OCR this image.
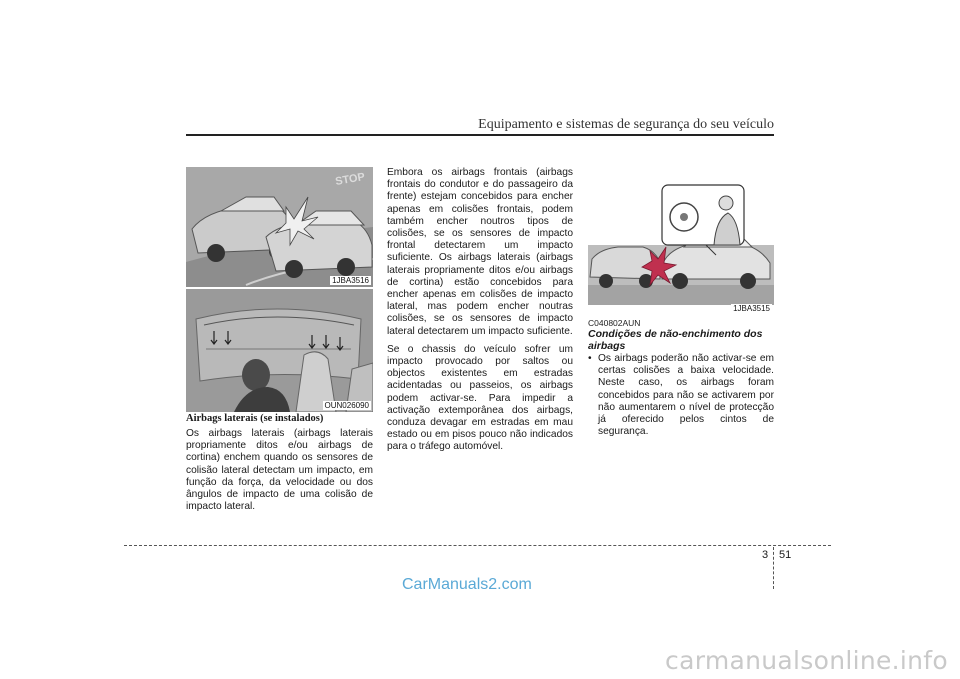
Equipamento e sistemas de segurança do seu veículo
STOP
1JBA3516
OUN026090
Airbags laterais (se instalados)
Os airbags laterais (airbags laterais propriamente ditos e/ou airbags de cortina) enchem quando os sensores de colisão lateral detectam um impacto, em função da força, da velocidade ou dos ângulos de impacto de uma colisão de impacto lateral.

Embora os airbags frontais (airbags frontais do condutor e do passageiro da frente) estejam concebidos para encher apenas em colisões frontais, podem também encher noutros tipos de colisões, se os sensores de impacto frontal detectarem um impacto suficiente. Os airbags laterais (airbags laterais propriamente ditos e/ou airbags de cortina) estão concebidos para encher apenas em colisões de impacto lateral, mas podem encher noutras colisões, se os sensores de impacto lateral detectarem um impacto suficiente.

Se o chassis do veículo sofrer um impacto provocado por saltos ou objectos existentes em estradas acidentadas ou passeios, os airbags podem activar-se. Para impedir a activação extemporânea dos airbags, conduza devagar em estradas em mau estado ou em pisos pouco não indicados para o tráfego automóvel.

1JBA3515
C040802AUN
Condições de não-enchimento dos airbags
• Os airbags poderão não activar-se em certas colisões a baixa velocidade. Neste caso, os airbags foram concebidos para não se activarem por não aumentarem o nível de protecção já oferecido pelos cintos de segurança.
3 51
CarManuals2.com
carmanualsonline.info
